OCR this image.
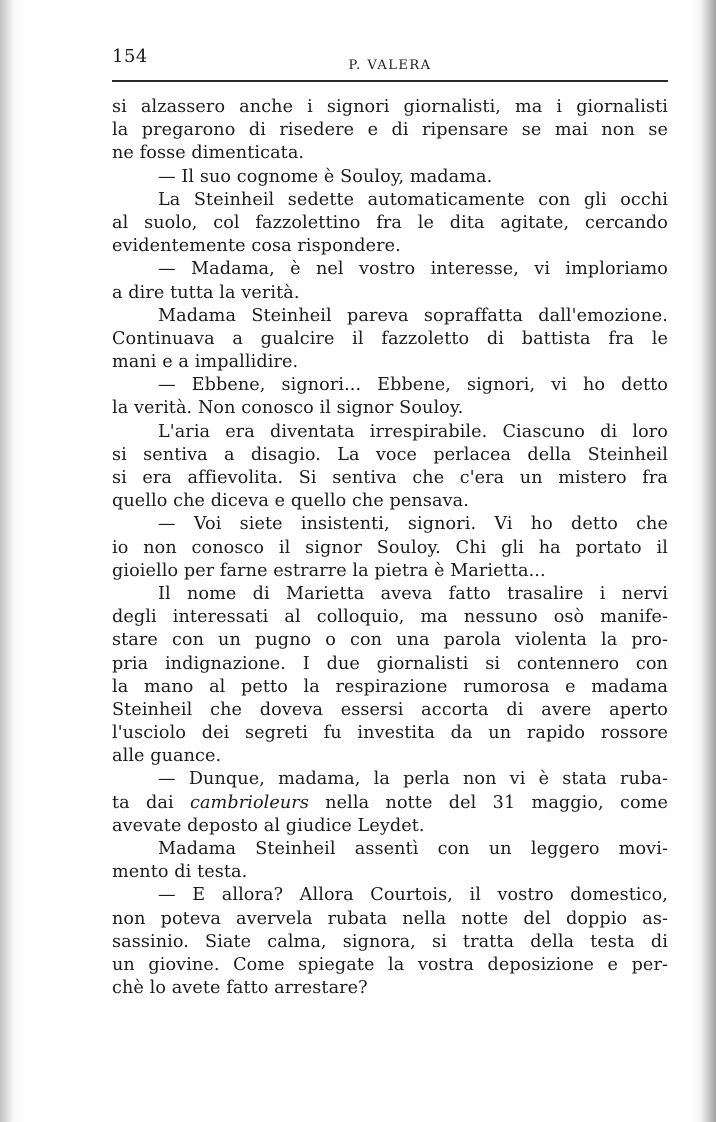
154	P. VALERA
si alzassero anche i signori giornalisti, ma i giornalisti
la pregarono di risedere e di ripensare se mai non se
ne fosse dimenticata.
— Il suo cognome è Souloy, madama.
La Steinheil sedette automaticamente con gli occhi
al suolo, col fazzolettino fra le dita agitate, cercando
evidentemente cosa rispondere.
— Madama, è nel vostro interesse, vi imploriamo
a dire tutta la verità.
Madama Steinheil pareva sopraffatta dall'emozione.
Continuava a gualcire il fazzoletto di battista fra le
mani e a impallidire.
— Ebbene, signori... Ebbene, signori, vi ho detto
la verità. Non conosco il signor Souloy.
L'aria era diventata irrespirabile. Ciascuno di loro
si sentiva a disagio. La voce perlacea della Steinheil
si era affievolita. Si sentiva che c'era un mistero fra
quello che diceva e quello che pensava.
— Voi siete insistenti, signori. Vi ho detto che
io non conosco il signor Souloy. Chi gli ha portato il
gioiello per farne estrarre la pietra è Marietta...
Il nome di Marietta aveva fatto trasalire i nervi
degli interessati al colloquio, ma nessuno osò manife-
stare con un pugno o con una parola violenta la pro-
pria indignazione. I due giornalisti si contennero con
la mano al petto la respirazione rumorosa e madama
Steinheil che doveva essersi accorta di avere aperto
l'usciolo dei segreti fu investita da un rapido rossore
alle guance.
— Dunque, madama, la perla non vi è stata ruba-
ta dai cambrioleurs nella notte del 31 maggio, come
avevate deposto al giudice Leydet.
Madama Steinheil assentì con un leggero movi-
mento di testa.
— E allora? Allora Courtois, il vostro domestico,
non poteva avervela rubata nella notte del doppio as-
sassinio. Siate calma, signora, si tratta della testa di
un giovine. Come spiegate la vostra deposizione e per-
chè lo avete fatto arrestare?
